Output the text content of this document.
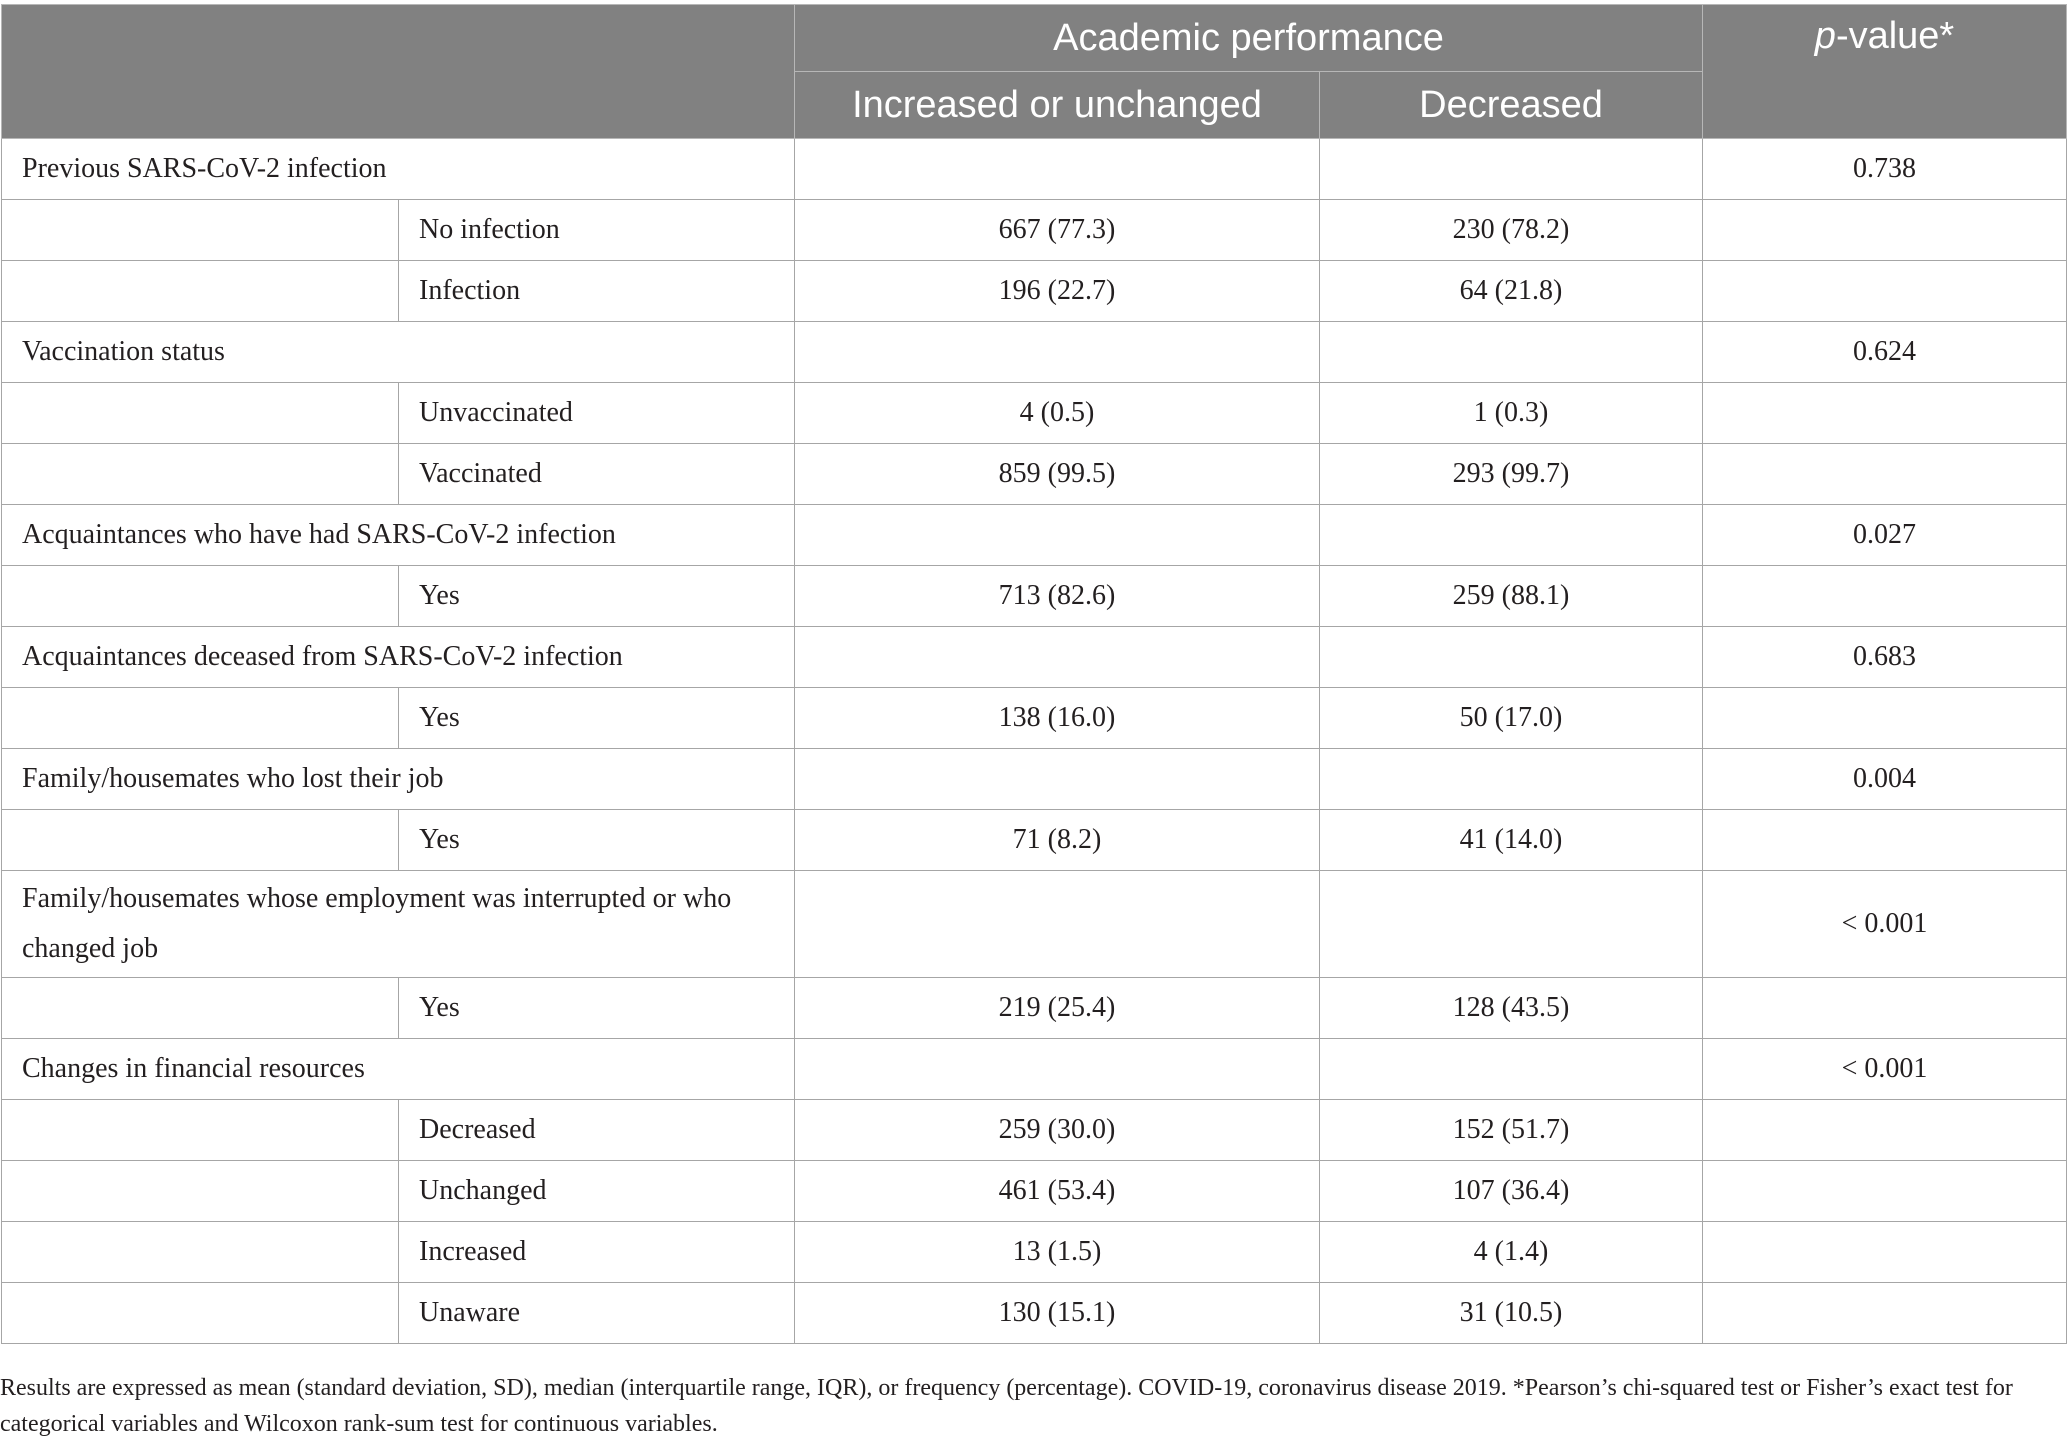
		Academic performance		p-value*
		Increased or unchanged	Decreased	
Previous SARS-CoV-2 infection				0.738
	No infection	667 (77.3)	230 (78.2)	
	Infection	196 (22.7)	64 (21.8)	
Vaccination status				0.624
	Unvaccinated	4 (0.5)	1 (0.3)	
	Vaccinated	859 (99.5)	293 (99.7)	
Acquaintances who have had SARS-CoV-2 infection				0.027
	Yes	713 (82.6)	259 (88.1)	
Acquaintances deceased from SARS-CoV-2 infection				0.683
	Yes	138 (16.0)	50 (17.0)	
Family/housemates who lost their job				0.004
	Yes	71 (8.2)	41 (14.0)	
Family/housemates whose employment was interrupted or who changed job				< 0.001
	Yes	219 (25.4)	128 (43.5)	
Changes in financial resources				< 0.001
	Decreased	259 (30.0)	152 (51.7)	
	Unchanged	461 (53.4)	107 (36.4)	
	Increased	13 (1.5)	4 (1.4)	
	Unaware	130 (15.1)	31 (10.5)	
Results are expressed as mean (standard deviation, SD), median (interquartile range, IQR), or frequency (percentage). COVID-19, coronavirus disease 2019. *Pearson’s chi-squared test or Fisher’s exact test for categorical variables and Wilcoxon rank-sum test for continuous variables.
